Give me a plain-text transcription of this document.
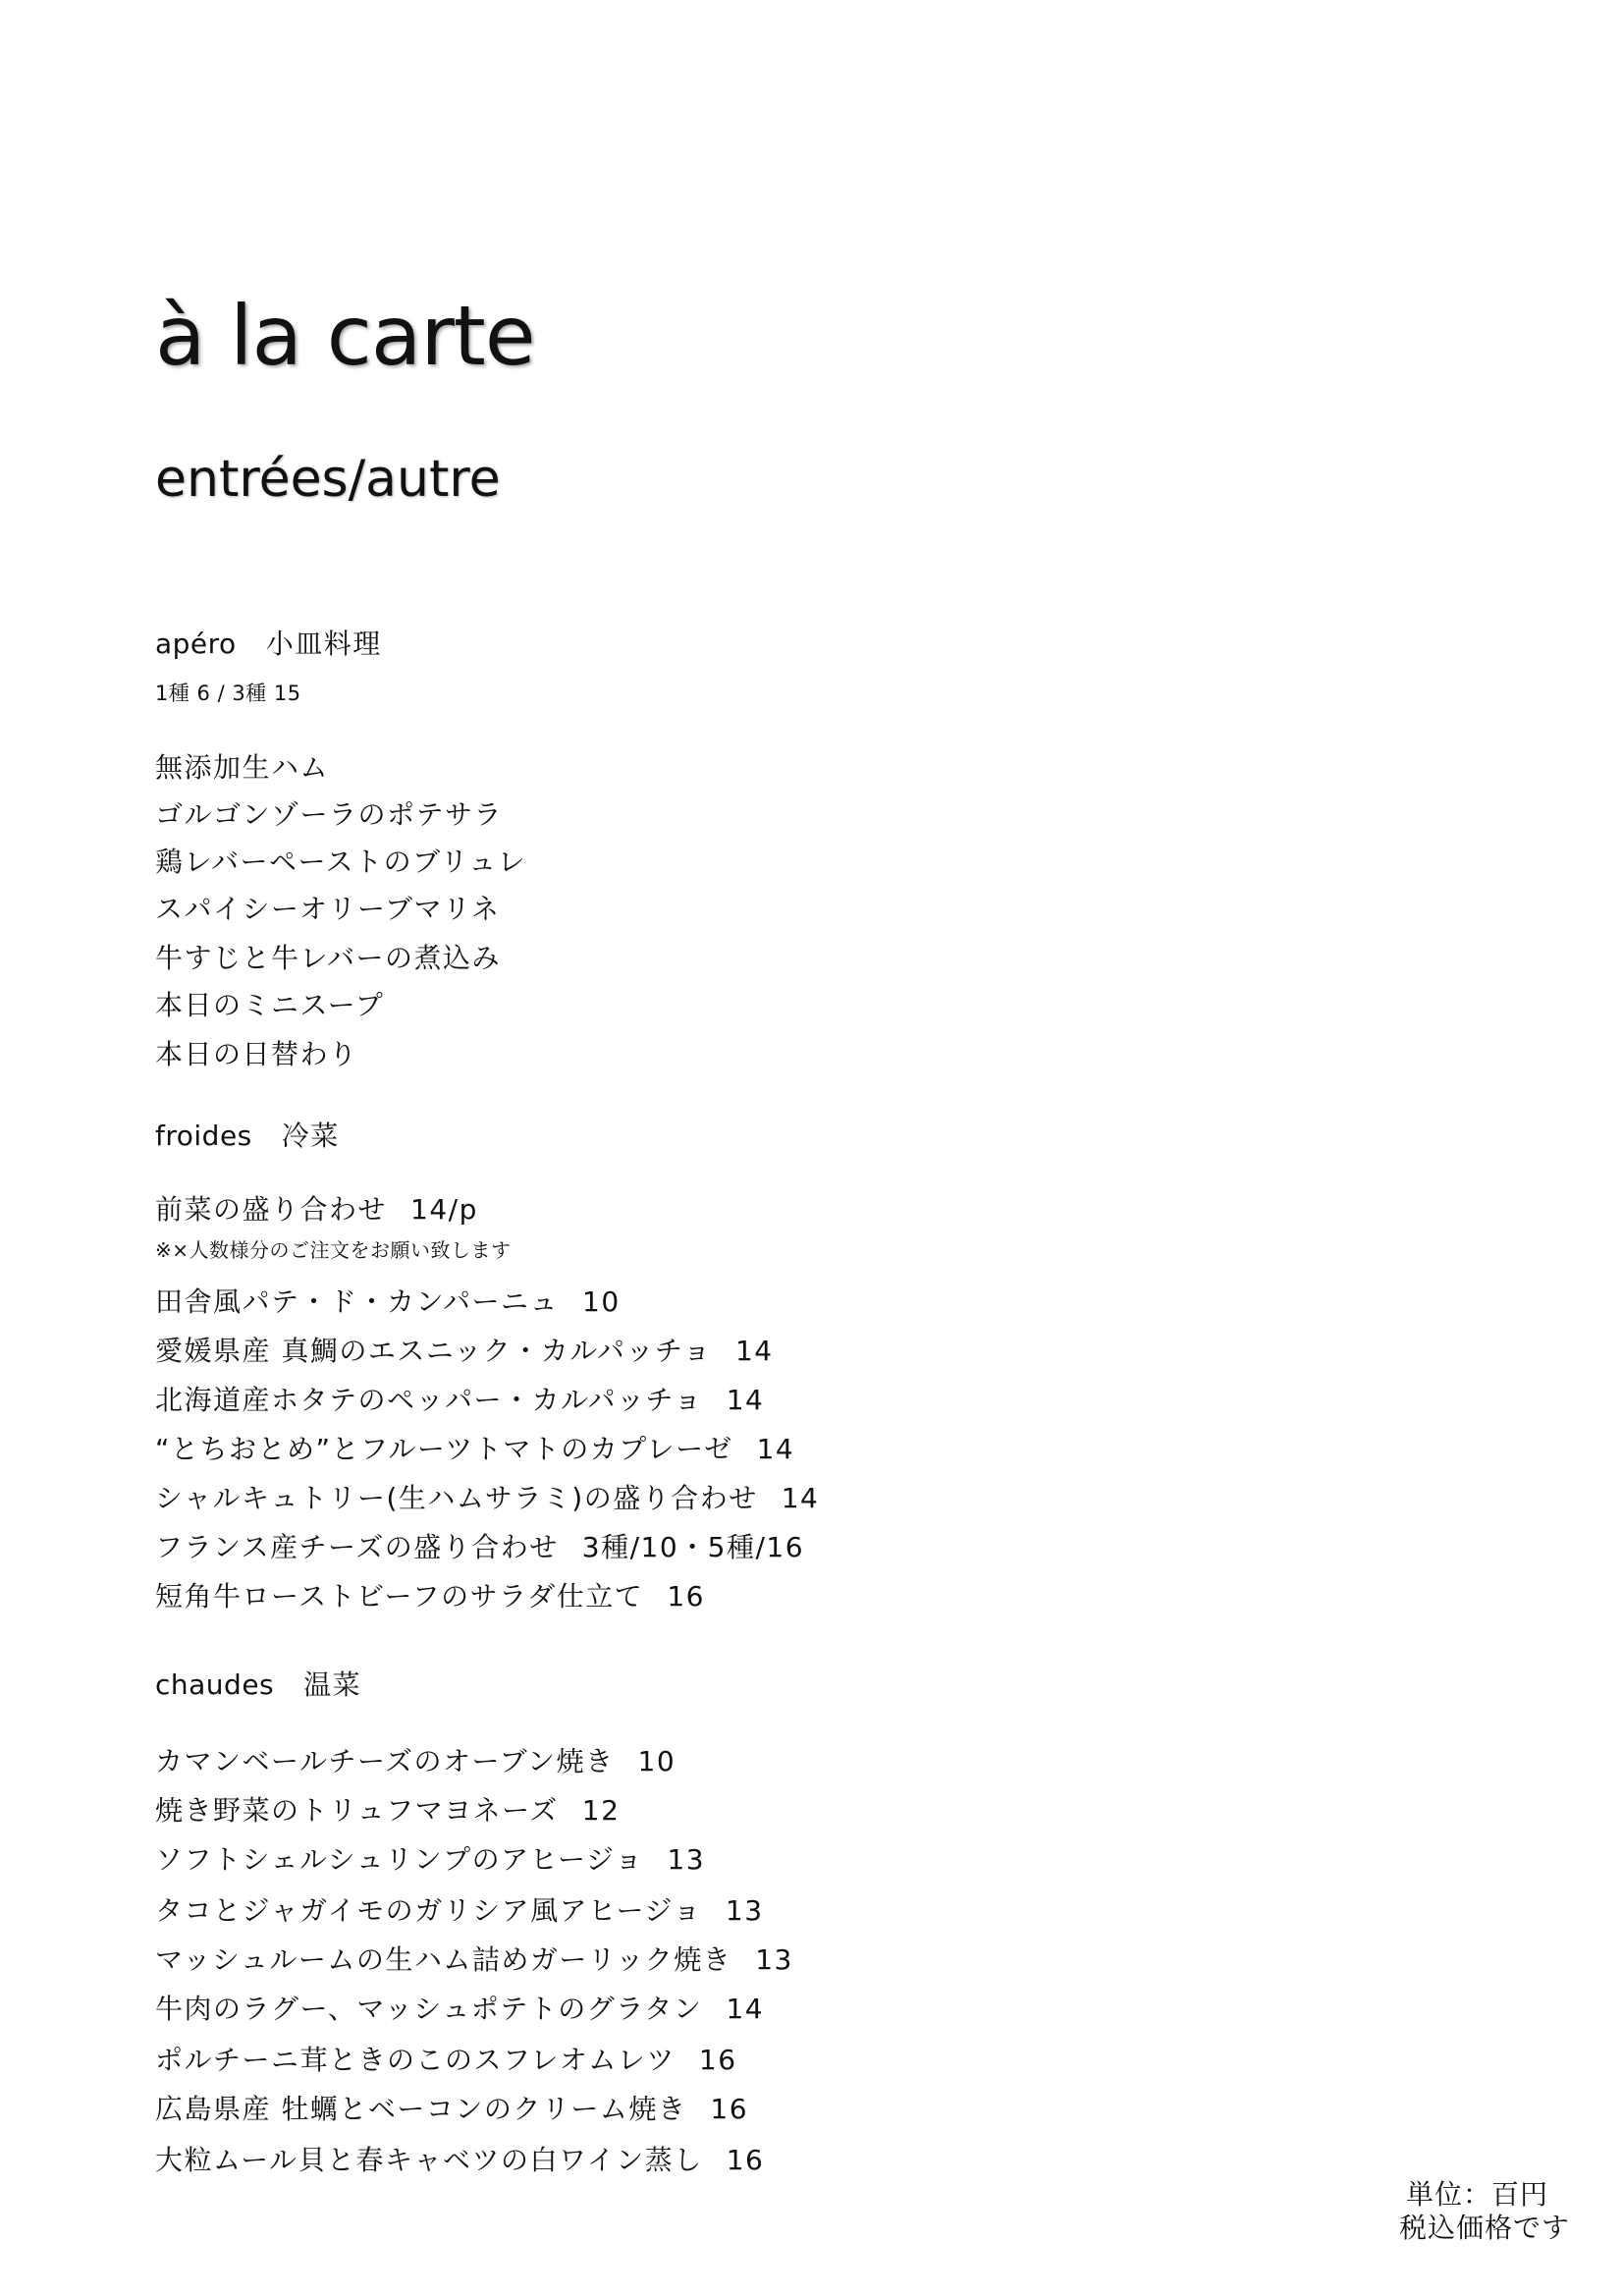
à la carte
entrées/autre
apéro 小皿料理
1種 6 / 3種 15
無添加生ハム
ゴルゴンゾーラのポテサラ
鶏レバーペーストのブリュレ
スパイシーオリーブマリネ
牛すじと牛レバーの煮込み
本日のミニスープ
本日の日替わり
froides 冷菜
前菜の盛り合わせ 14/p
※×人数様分のご注文をお願い致します
田舎風パテ・ド・カンパーニュ 10
愛媛県産 真鯛のエスニック・カルパッチョ 14
北海道産ホタテのペッパー・カルパッチョ 14
“とちおとめ”とフルーツトマトのカプレーゼ 14
シャルキュトリー(生ハムサラミ)の盛り合わせ 14
フランス産チーズの盛り合わせ 3種/10・5種/16
短角牛ローストビーフのサラダ仕立て 16
chaudes 温菜
カマンベールチーズのオーブン焼き 10
焼き野菜のトリュフマヨネーズ 12
ソフトシェルシュリンプのアヒージョ 13
タコとジャガイモのガリシア風アヒージョ 13
マッシュルームの生ハム詰めガーリック焼き 13
牛肉のラグー、マッシュポテトのグラタン 14
ポルチーニ茸ときのこのスフレオムレツ 16
広島県産 牡蠣とベーコンのクリーム焼き 16
大粒ムール貝と春キャベツの白ワイン蒸し 16
単位：百円
税込価格です
